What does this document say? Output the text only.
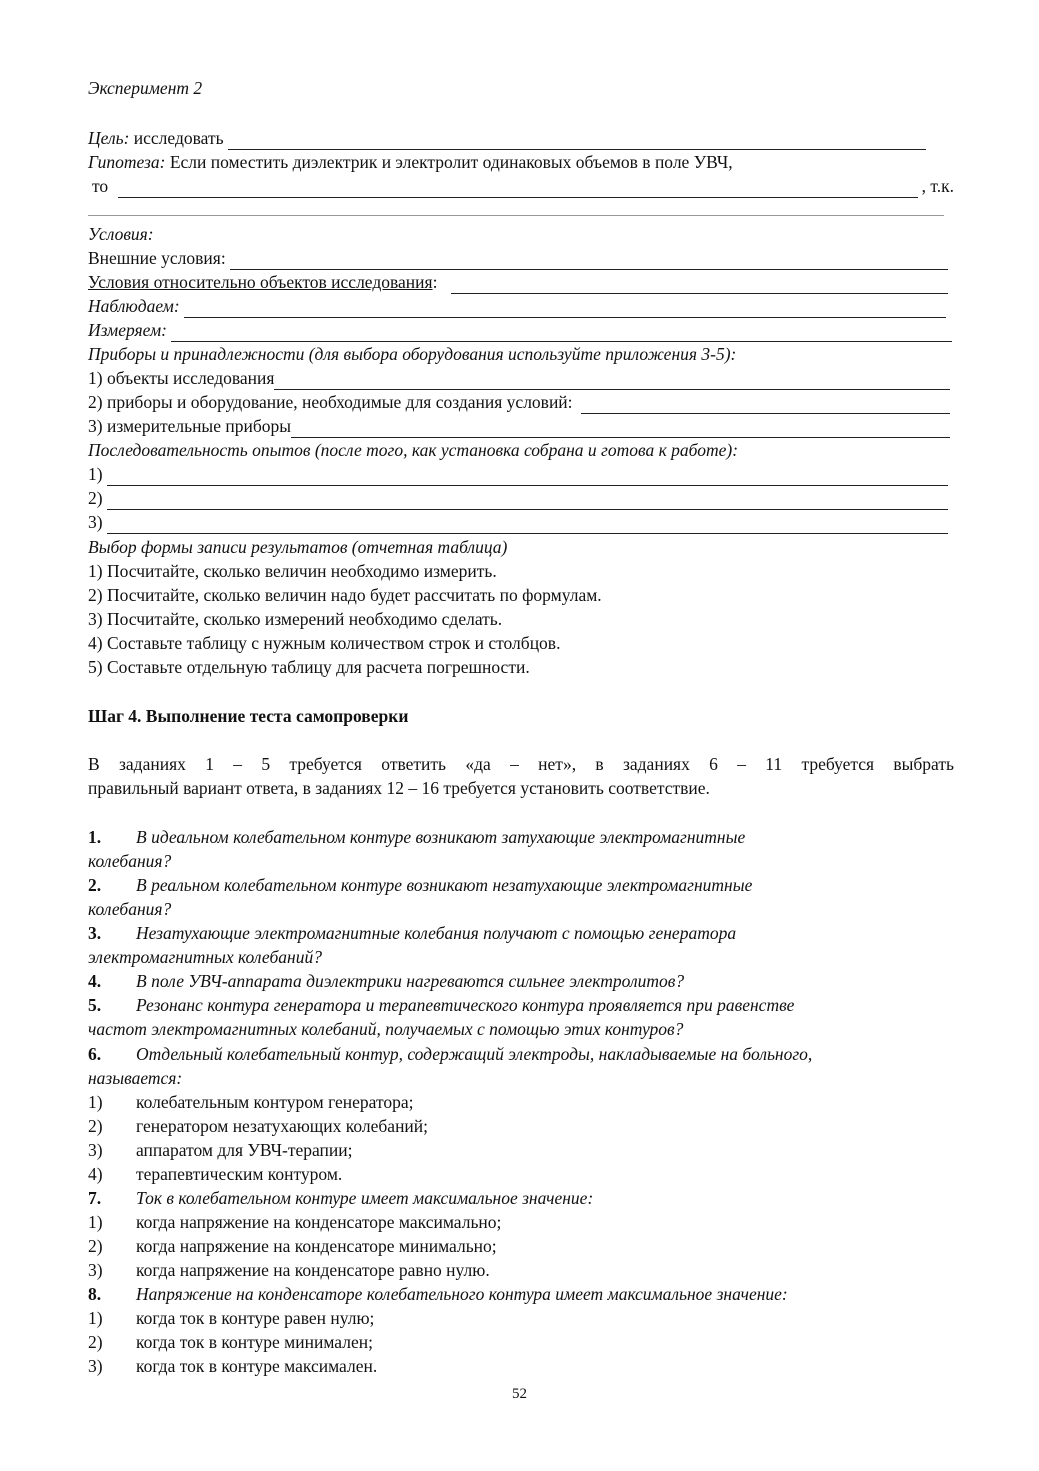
Эксперимент 2
Цель:
исследовать
Гипотеза: Если поместить диэлектрик и электролит одинаковых объемов в поле УВЧ,
то	, т.к.
Условия:
Внешние условия:
Условия относительно объектов исследования :
Наблюдаем:
Измеряем:
Приборы и принадлежности (для выбора оборудования используйте приложения 3-5):
1) объекты исследования
2) приборы и оборудование, необходимые для создания условий:
3) измерительные приборы
Последовательность опытов (после того, как установка собрана и готова к работе):
1)
2)
3)
Выбор формы записи результатов (отчетная таблица)
1) Посчитайте, сколько величин необходимо измерить.
2) Посчитайте, сколько величин надо будет рассчитать по формулам.
3) Посчитайте, сколько измерений необходимо сделать.
4) Составьте таблицу с нужным количеством строк и столбцов.
5) Составьте отдельную таблицу для расчета погрешности.
Шаг 4. Выполнение теста самопроверки
В заданиях 1 – 5 требуется ответить «да – нет», в заданиях 6 – 11 требуется выбрать
правильный вариант ответа, в заданиях 12 – 16 требуется установить соответствие.
1. В идеальном колебательном контуре возникают затухающие электромагнитные
колебания?
2. В реальном колебательном контуре возникают незатухающие электромагнитные
колебания?
3. Незатухающие электромагнитные колебания получают с помощью генератора
электромагнитных колебаний?
4. В поле УВЧ-аппарата диэлектрики нагреваются сильнее электролитов?
5. Резонанс контура генератора и терапевтического контура проявляется при равенстве
частот электромагнитных колебаний, получаемых с помощью этих контуров?
6. Отдельный колебательный контур, содержащий электроды, накладываемые на больного,
называется:
1) колебательным контуром генератора;
2) генератором незатухающих колебаний;
3) аппаратом для УВЧ-терапии;
4) терапевтическим контуром.
7. Ток в колебательном контуре имеет максимальное значение:
1) когда напряжение на конденсаторе максимально;
2) когда напряжение на конденсаторе минимально;
3) когда напряжение на конденсаторе равно нулю.
8. Напряжение на конденсаторе колебательного контура имеет максимальное значение:
1) когда ток в контуре равен нулю;
2) когда ток в контуре минимален;
3) когда ток в контуре максимален.
52
